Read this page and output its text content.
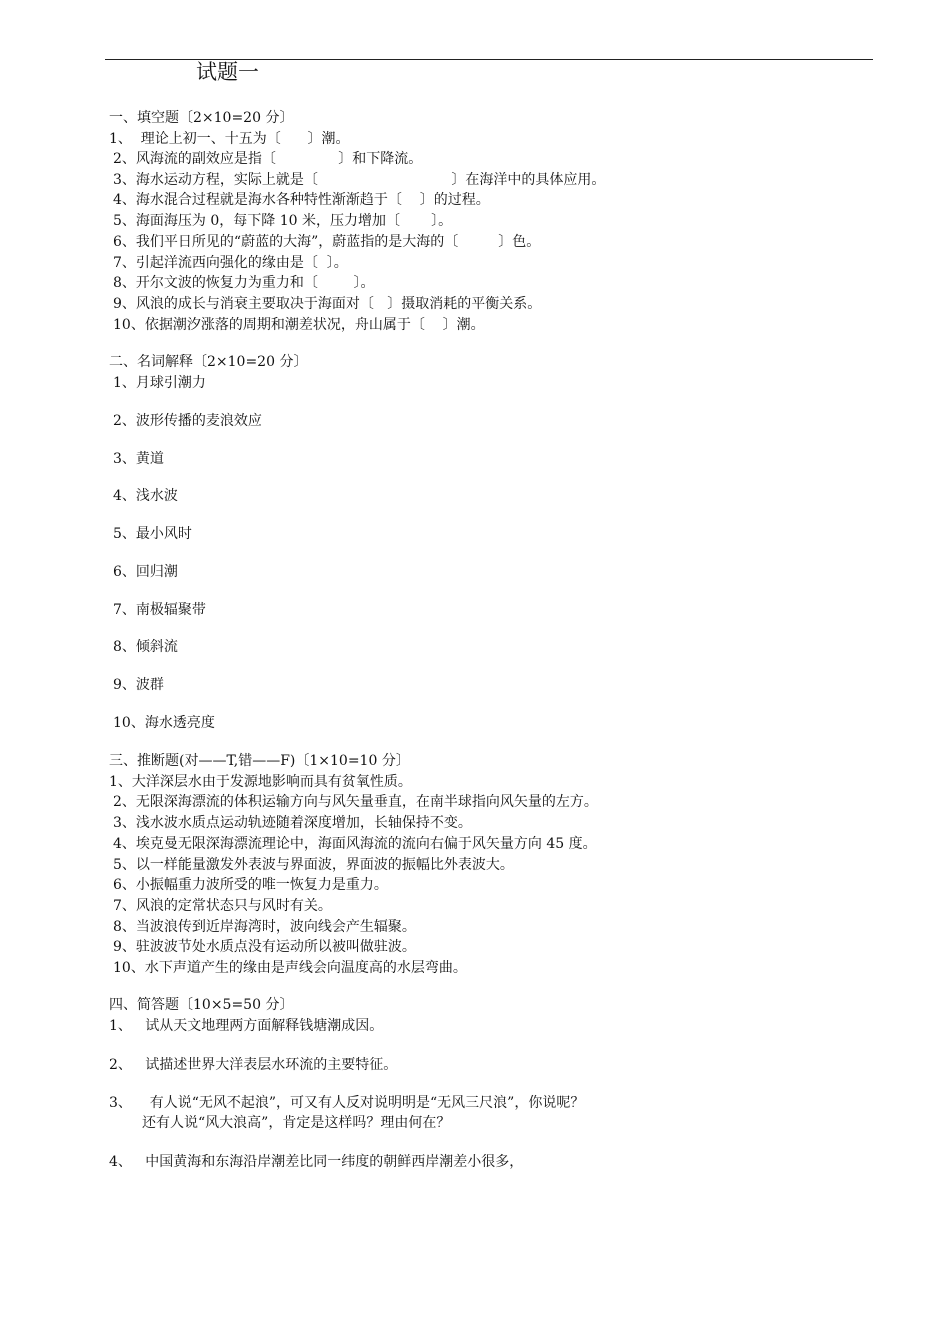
试题一
一、填空题〔2×10=20 分〕
1、  理论上初一、十五为〔      〕潮。
2、风海流的副效应是指〔              〕和下降流。
3、海水运动方程，实际上就是〔                              〕在海洋中的具体应用。
4、海水混合过程就是海水各种特性渐渐趋于〔    〕的过程。
5、海面海压为 0，每下降 10 米，压力增加〔       〕。
6、我们平日所见的“蔚蓝的大海”，蔚蓝指的是大海的〔         〕色。
7、引起洋流西向强化的缘由是〔  〕。
8、开尔文波的恢复力为重力和〔        〕。
9、风浪的成长与消衰主要取决于海面对〔   〕摄取消耗的平衡关系。
10、依据潮汐涨落的周期和潮差状况，舟山属于〔    〕潮。
二、名词解释〔2×10=20 分〕
1、月球引潮力
2、波形传播的麦浪效应
3、黄道
4、浅水波
5、最小风时
6、回归潮
7、南极辐聚带
8、倾斜流
9、波群
10、海水透亮度
三、推断题(对——T,错——F)〔1×10=10 分〕
1、大洋深层水由于发源地影响而具有贫氧性质。
2、无限深海漂流的体积运输方向与风矢量垂直，在南半球指向风矢量的左方。
3、浅水波水质点运动轨迹随着深度增加，长轴保持不变。
4、埃克曼无限深海漂流理论中，海面风海流的流向右偏于风矢量方向 45 度。
5、以一样能量激发外表波与界面波，界面波的振幅比外表波大。
6、小振幅重力波所受的唯一恢复力是重力。
7、风浪的定常状态只与风时有关。
8、当波浪传到近岸海湾时，波向线会产生辐聚。
9、驻波波节处水质点没有运动所以被叫做驻波。
10、水下声道产生的缘由是声线会向温度高的水层弯曲。
四、简答题〔10×5=50 分〕
1、   试从天文地理两方面解释钱塘潮成因。
2、   试描述世界大洋表层水环流的主要特征。
3、    有人说“无风不起浪”，可又有人反对说明明是“无风三尺浪”，你说呢？
还有人说“风大浪高”，肯定是这样吗？理由何在？
4、   中国黄海和东海沿岸潮差比同一纬度的朝鲜西岸潮差小很多，
